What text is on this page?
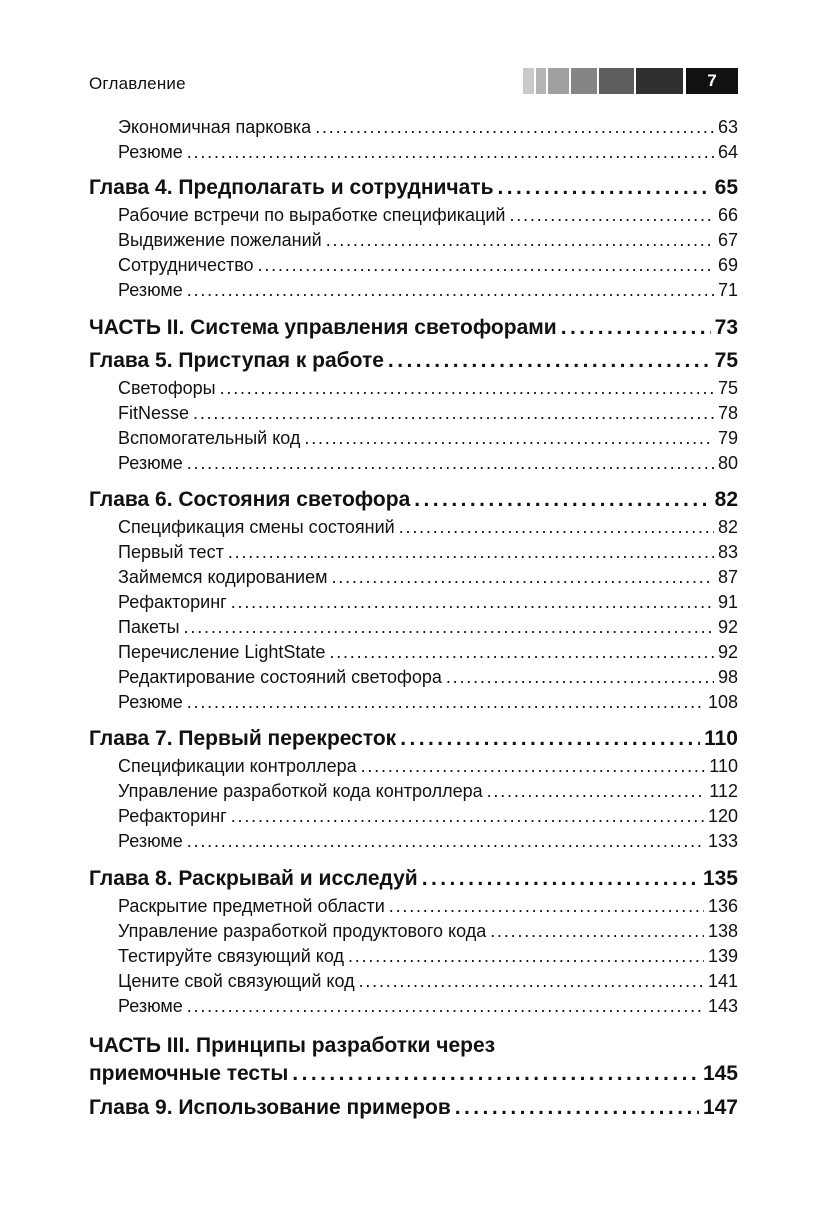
Оглавление	7
Экономичная парковка . . .	63
Резюме . . .	64
Глава 4. Предполагать и сотрудничать . . .	65
Рабочие встречи по выработке спецификаций . . .	66
Выдвижение пожеланий . . .	67
Сотрудничество . . .	69
Резюме . . .	71
ЧАСТЬ II. Система управления светофорами . . .	73
Глава 5. Приступая к работе . . .	75
Светофоры . . .	75
FitNesse . . .	78
Вспомогательный код . . .	79
Резюме . . .	80
Глава 6. Состояния светофора . . .	82
Спецификация смены состояний . . .	82
Первый тест . . .	83
Займемся кодированием . . .	87
Рефакторинг . . .	91
Пакеты . . .	92
Перечисление LightState . . .	92
Редактирование состояний светофора . . .	98
Резюме . . .	108
Глава 7. Первый перекресток . . .	110
Спецификации контроллера . . .	110
Управление разработкой кода контроллера . . .	112
Рефакторинг . . .	120
Резюме . . .	133
Глава 8. Раскрывай и исследуй . . .	135
Раскрытие предметной области . . .	136
Управление разработкой продуктового кода . . .	138
Тестируйте связующий код . . .	139
Цените свой связующий код . . .	141
Резюме . . .	143
ЧАСТЬ III. Принципы разработки через
приемочные тесты . . .	145
Глава 9. Использование примеров . . .	147
